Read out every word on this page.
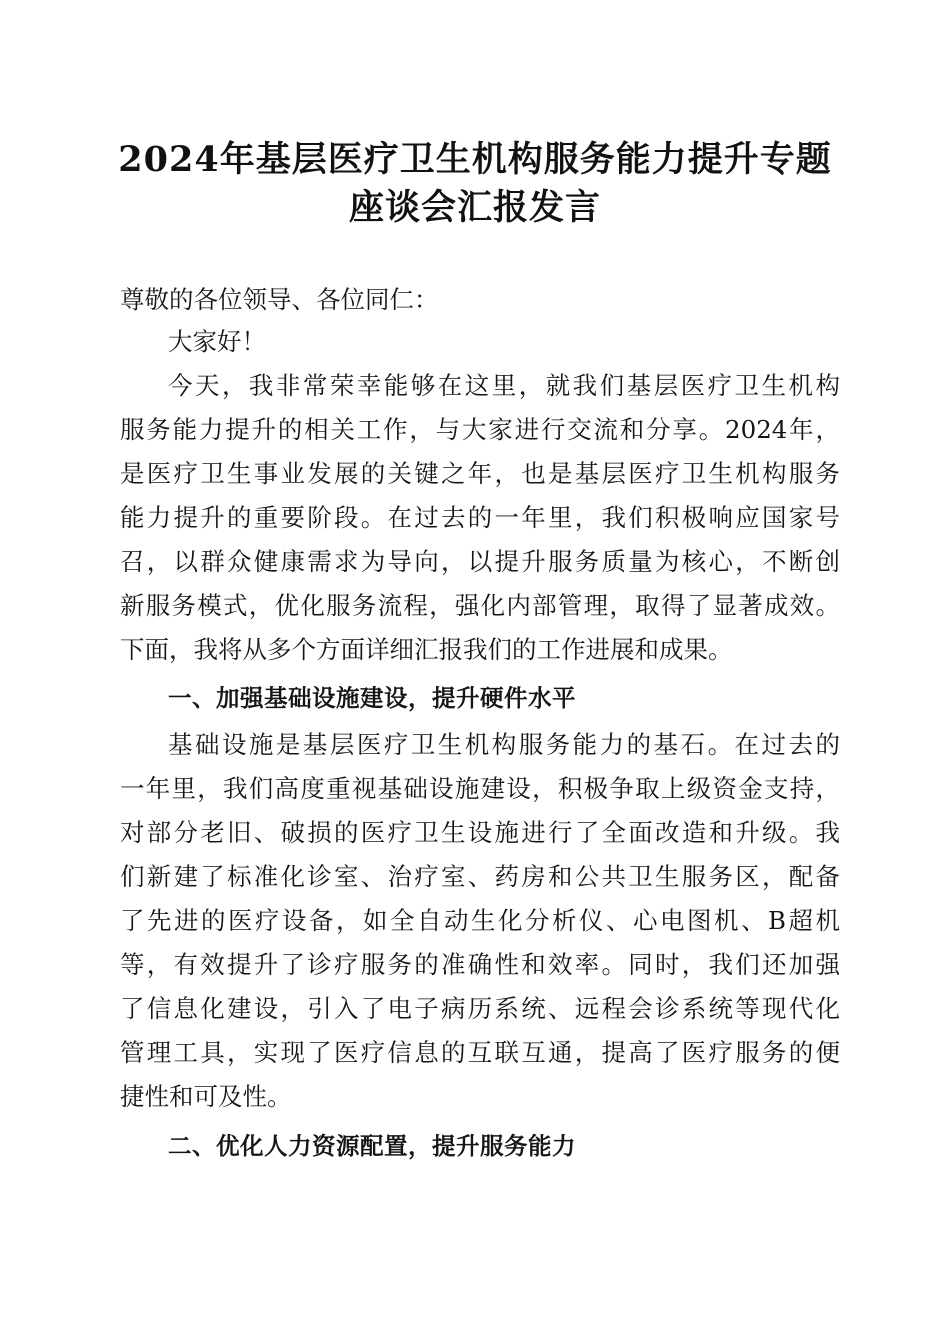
2024年基层医疗卫生机构服务能力提升专题
座谈会汇报发言
尊敬的各位领导、各位同仁：
大家好！
今天，我非常荣幸能够在这里，就我们基层医疗卫生机构
服务能力提升的相关工作，与大家进行交流和分享。2024年，
是医疗卫生事业发展的关键之年，也是基层医疗卫生机构服务
能力提升的重要阶段。在过去的一年里，我们积极响应国家号
召，以群众健康需求为导向，以提升服务质量为核心，不断创
新服务模式，优化服务流程，强化内部管理，取得了显著成效。
下面，我将从多个方面详细汇报我们的工作进展和成果。
一、加强基础设施建设，提升硬件水平
基础设施是基层医疗卫生机构服务能力的基石。在过去的
一年里，我们高度重视基础设施建设，积极争取上级资金支持，
对部分老旧、破损的医疗卫生设施进行了全面改造和升级。我
们新建了标准化诊室、治疗室、药房和公共卫生服务区，配备
了先进的医疗设备，如全自动生化分析仪、心电图机、B超机
等，有效提升了诊疗服务的准确性和效率。同时，我们还加强
了信息化建设，引入了电子病历系统、远程会诊系统等现代化
管理工具，实现了医疗信息的互联互通，提高了医疗服务的便
捷性和可及性。
二、优化人力资源配置，提升服务能力
